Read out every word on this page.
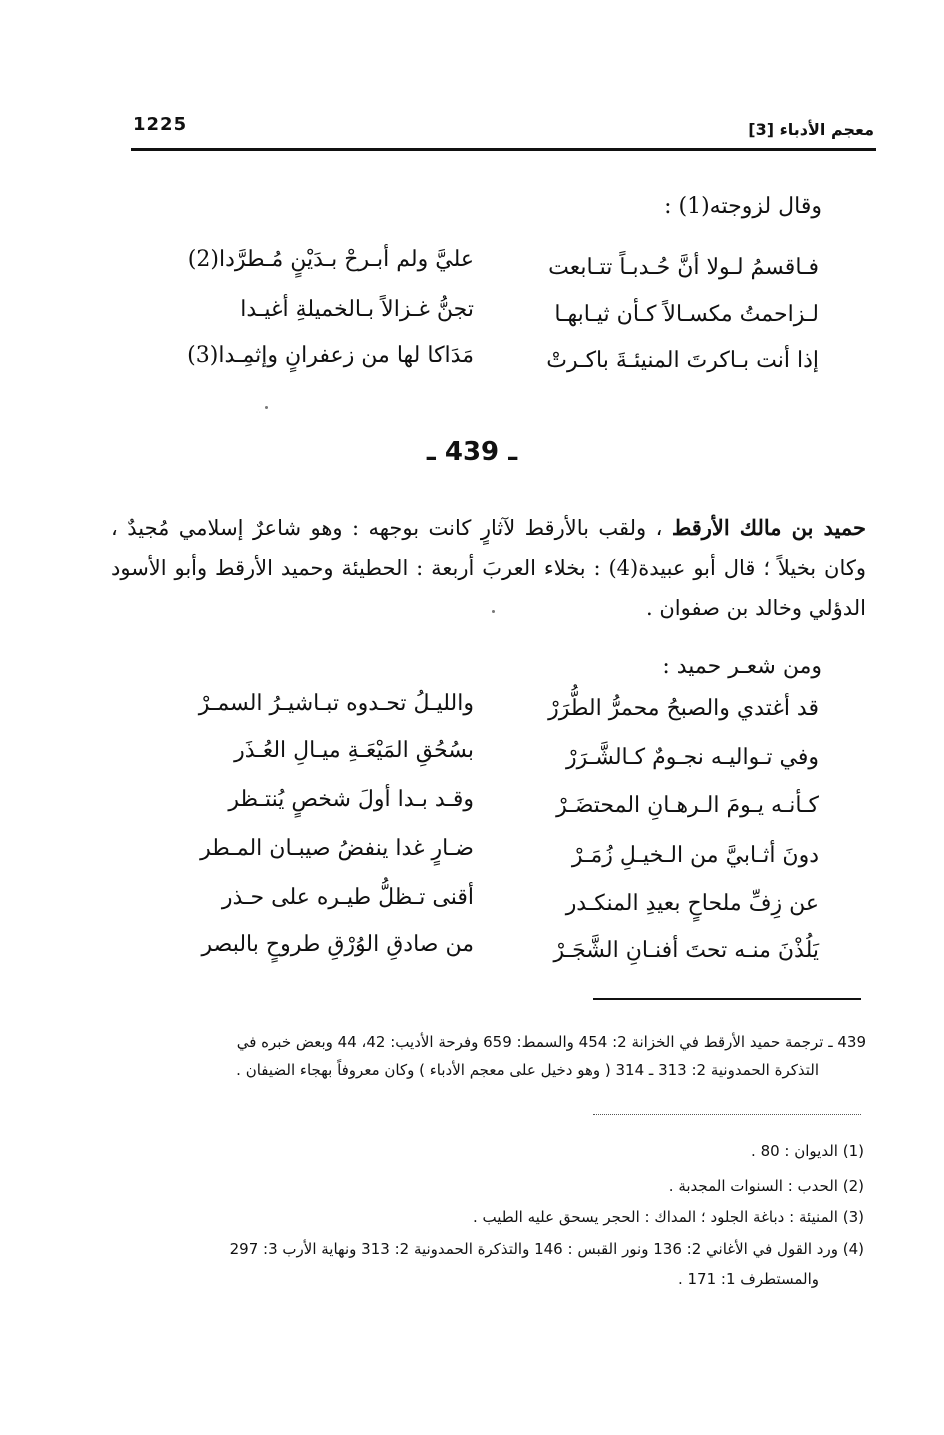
1225	معجم الأدباء [3]
وقال لزوجته(1) :
فـاقسمُ لـولا أنَّ حُـدبـاً تتـابعت
عليَّ ولم أبـرحْ بـدَيْنٍ مُـطرَّدا(2)
لـزاحمتُ مكسـالاً كـأن ثيـابهـا
تجنُّ غـزالاً بـالخميلةِ أغيـدا
إذا أنت بـاكرتَ المنيئـةَ باكـرتْ
مَدَاكا لها من زعفرانٍ وإثمِـدا(3)
ـ 439 ـ
حميد بن مالك الأرقط ، ولقب بالأرقط لآثارٍ كانت بوجهه : وهو شاعرٌ إسلامي مُجيدٌ ، وكان بخيلاً ؛ قال أبو عبيدة(4) : بخلاء العربَ أربعة : الحطيئة وحميد الأرقط وأبو الأسود الدؤلي وخالد بن صفوان .
ومن شعـر حميد :
قد أغتدي والصبحُ محمرُّ الطُّرَرْ
والليـلُ تحـدوه تبـاشيـرُ السمـرْ
وفي تـواليـه نجـومٌ كـالشَّـرَرْ
بسُحُقِ المَيْعَـةِ ميـالِ العُـذَر
كـأنـه يـومَ الـرهـانِ المحتضَـرْ
وقـد بـدا أولَ شخصٍ يُنتـظر
دونَ أثـابيَّ من الـخيـلِ زُمَـرْ
ضـارٍ غدا ينفضُ صيبـان المـطر
عن زِفِّ ملحاحٍ بعيدِ المنكـدر
أقنى تـظلُّ طيـره على حـذر
يَلُذْنَ منـه تحتَ أفنـانِ الشَّجَـرْ
من صادقِ الوُرْقِ طروحٍ بالبصر
439 ـ ترجمة حميد الأرقط في الخزانة 2: 454 والسمط: 659 وفرحة الأديب: 42، 44 وبعض خبره في
التذكرة الحمدونية 2: 313 ـ 314 ( وهو دخيل على معجم الأدباء ) وكان معروفاً بهجاء الضيفان .
(1) الديوان : 80 .
(2) الحدب : السنوات المجدبة .
(3) المنيئة : دباغة الجلود ؛ المداك : الحجر يسحق عليه الطيب .
(4) ورد القول في الأغاني 2: 136 ونور القبس : 146 والتذكرة الحمدونية 2: 313 ونهاية الأرب 3: 297
والمستطرف 1: 171 .
